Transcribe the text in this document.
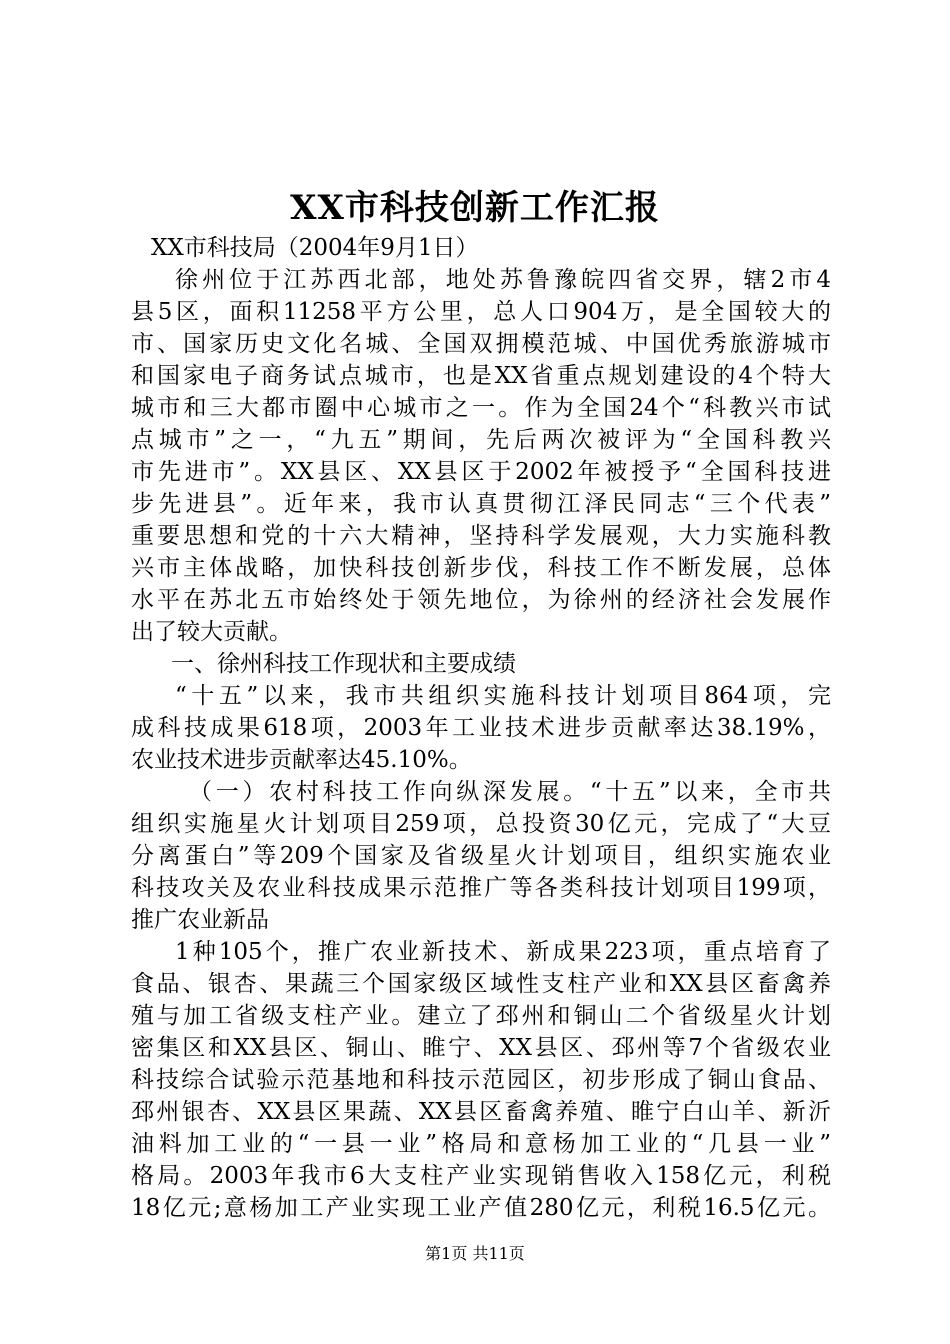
XX市科技创新工作汇报
XX市科技局（2004年9月1日）
徐州位于江苏西北部，地处苏鲁豫皖四省交界，辖2市4
县5区，面积11258平方公里，总人口904万，是全国较大的
市、国家历史文化名城、全国双拥模范城、中国优秀旅游城市
和国家电子商务试点城市，也是XX省重点规划建设的4个特大
城市和三大都市圈中心城市之一。作为全国24个“科教兴市试
点城市”之一，“九五”期间，先后两次被评为“全国科教兴
市先进市”。XX县区、XX县区于2002年被授予“全国科技进
步先进县”。近年来，我市认真贯彻江泽民同志“三个代表”
重要思想和党的十六大精神，坚持科学发展观，大力实施科教
兴市主体战略，加快科技创新步伐，科技工作不断发展，总体
水平在苏北五市始终处于领先地位，为徐州的经济社会发展作
出了较大贡献。
一、徐州科技工作现状和主要成绩
“十五”以来，我市共组织实施科技计划项目864项，完
成科技成果618项，2003年工业技术进步贡献率达38.19%，
农业技术进步贡献率达45.10%。
（一）农村科技工作向纵深发展。“十五”以来，全市共
组织实施星火计划项目259项，总投资30亿元，完成了“大豆
分离蛋白”等209个国家及省级星火计划项目，组织实施农业
科技攻关及农业科技成果示范推广等各类科技计划项目199项，
推广农业新品
1种105个，推广农业新技术、新成果223项，重点培育了
食品、银杏、果蔬三个国家级区域性支柱产业和XX县区畜禽养
殖与加工省级支柱产业。建立了邳州和铜山二个省级星火计划
密集区和XX县区、铜山、睢宁、XX县区、邳州等7个省级农业
科技综合试验示范基地和科技示范园区，初步形成了铜山食品、
邳州银杏、XX县区果蔬、XX县区畜禽养殖、睢宁白山羊、新沂
油料加工业的“一县一业”格局和意杨加工业的“几县一业”
格局。2003年我市6大支柱产业实现销售收入158亿元，利税
18亿元;意杨加工产业实现工业产值280亿元，利税16.5亿元。
第1页 共11页
